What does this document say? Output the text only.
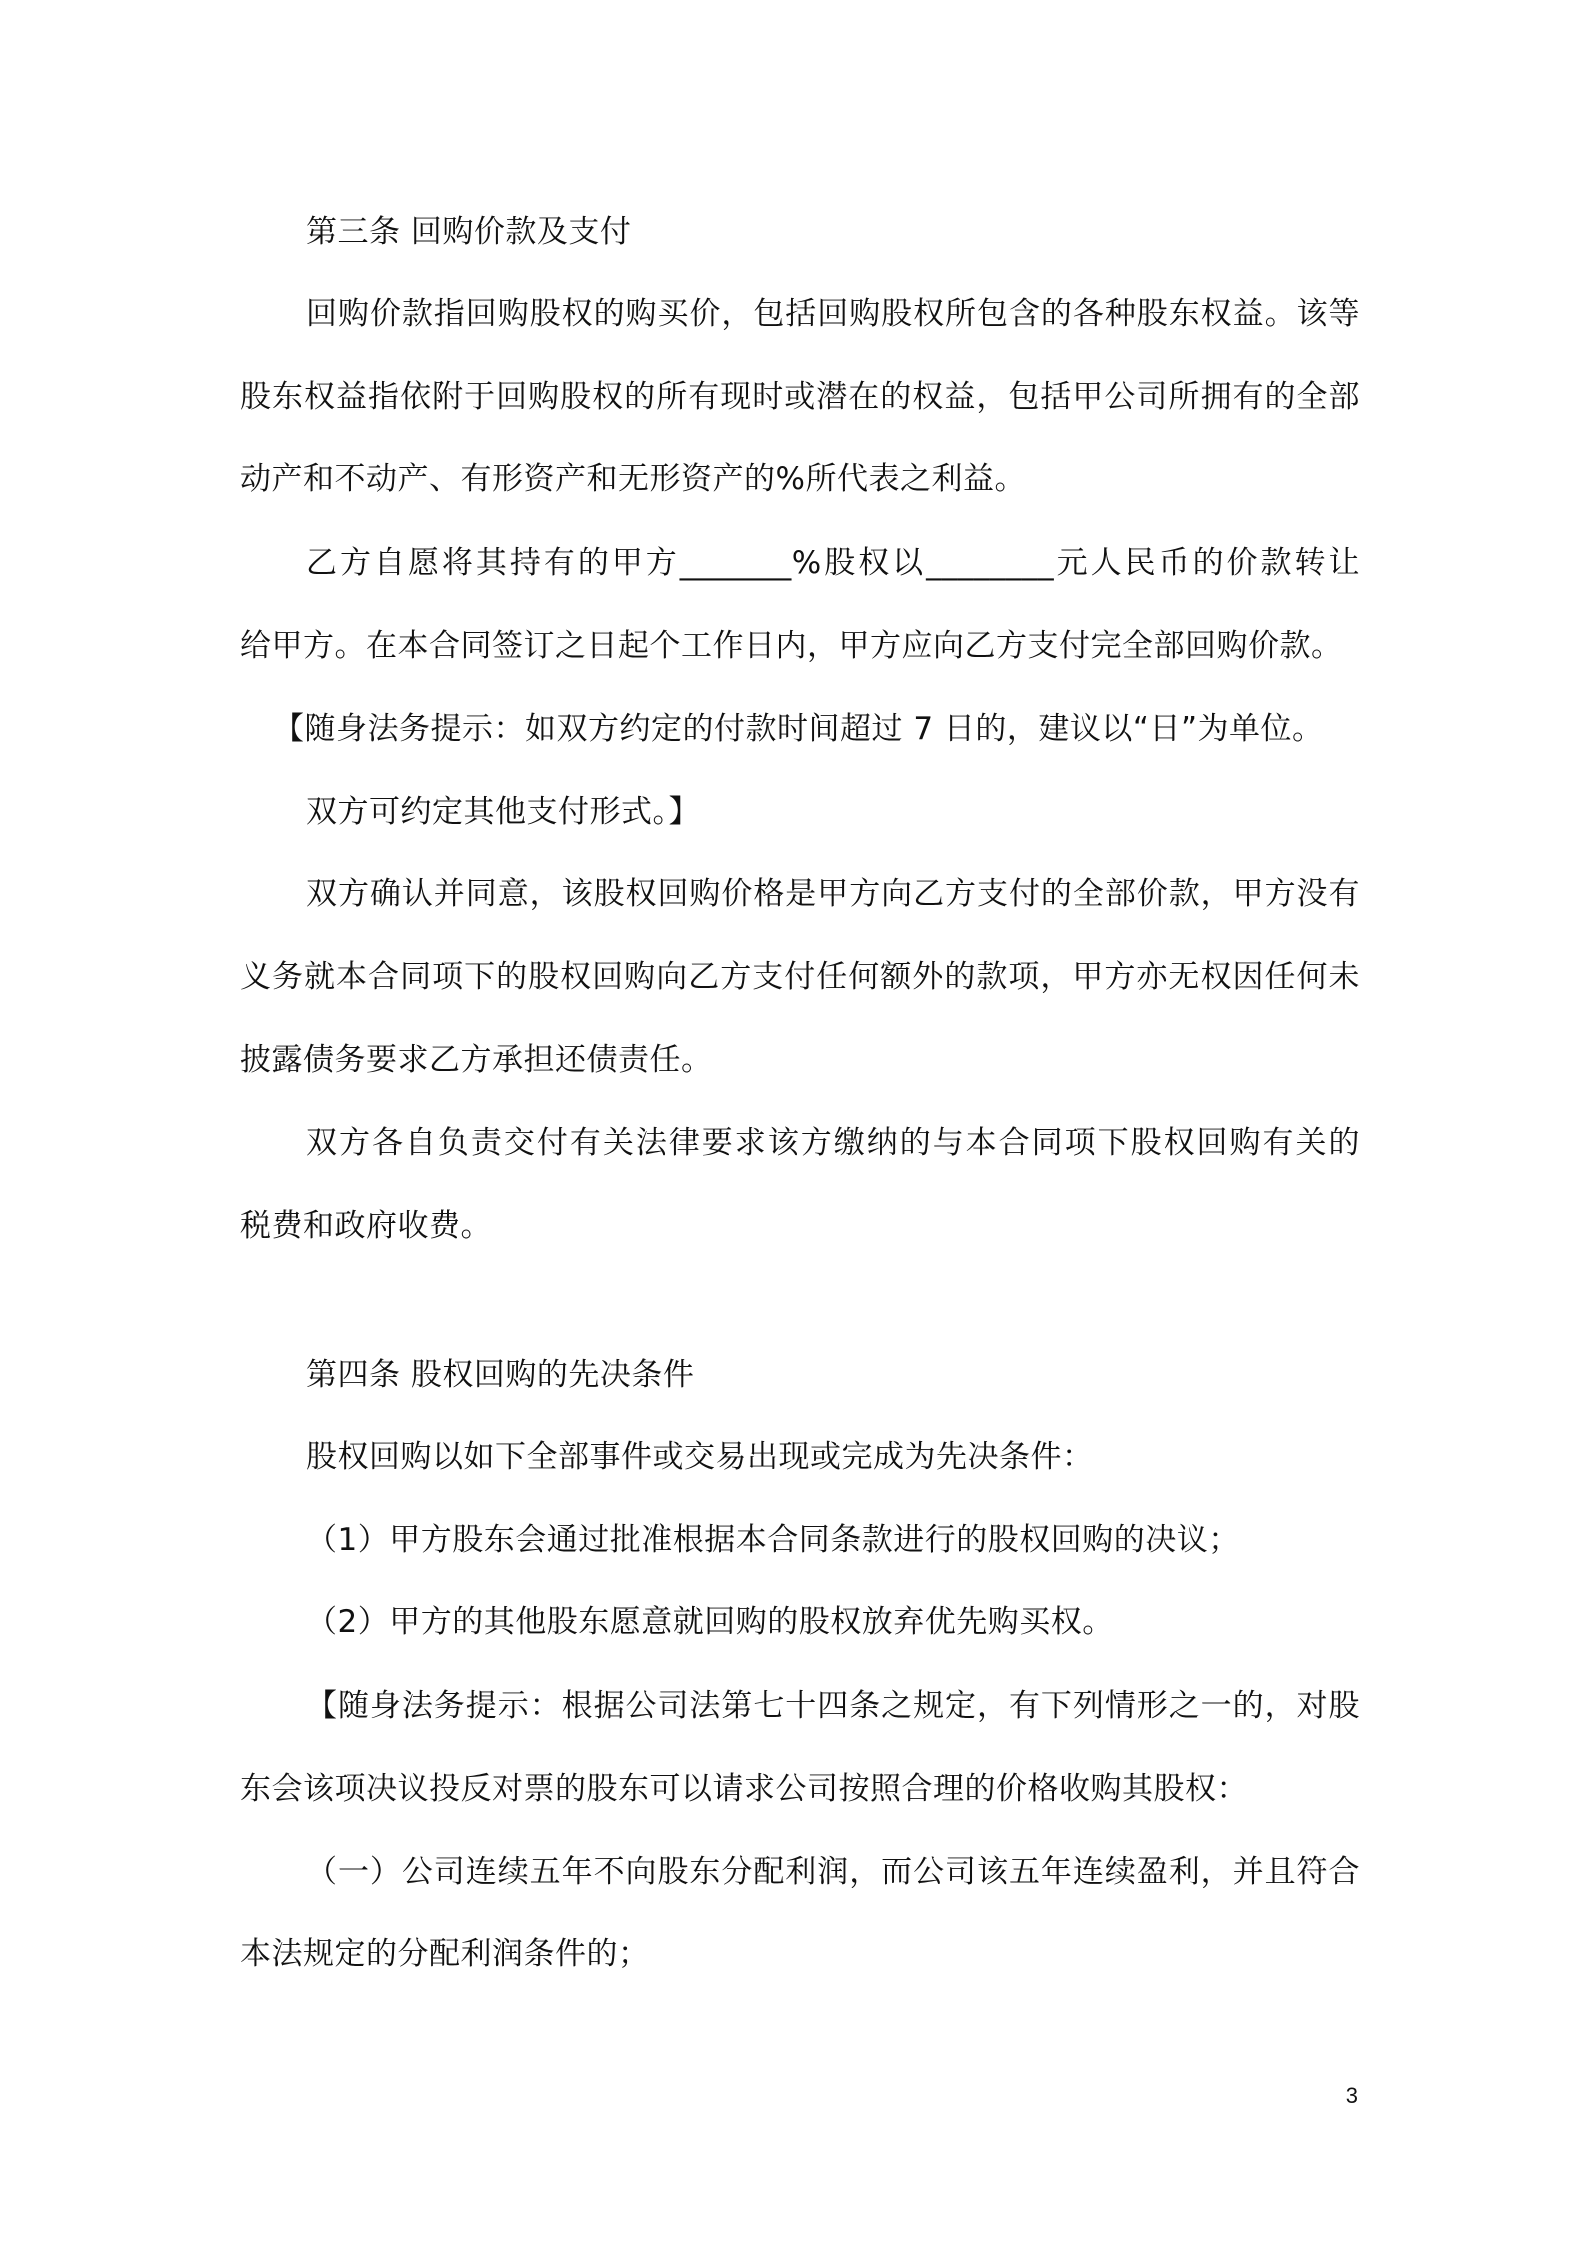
第三条 回购价款及支付
回购价款指回购股权的购买价，包括回购股权所包含的各种股东权益。该等
股东权益指依附于回购股权的所有现时或潜在的权益，包括甲公司所拥有的全部
动产和不动产、有形资产和无形资产的%所代表之利益。
乙方自愿将其持有的甲方_______%股权以________元人民币的价款转让
给甲方。在本合同签订之日起个工作日内，甲方应向乙方支付完全部回购价款。
【随身法务提示：如双方约定的付款时间超过 7 日的，建议以“日”为单位。
双方可约定其他支付形式。】
双方确认并同意，该股权回购价格是甲方向乙方支付的全部价款，甲方没有
义务就本合同项下的股权回购向乙方支付任何额外的款项，甲方亦无权因任何未
披露债务要求乙方承担还债责任。
双方各自负责交付有关法律要求该方缴纳的与本合同项下股权回购有关的
税费和政府收费。
第四条 股权回购的先决条件
股权回购以如下全部事件或交易出现或完成为先决条件：
（1）甲方股东会通过批准根据本合同条款进行的股权回购的决议；
（2）甲方的其他股东愿意就回购的股权放弃优先购买权。
【随身法务提示：根据公司法第七十四条之规定，有下列情形之一的，对股
东会该项决议投反对票的股东可以请求公司按照合理的价格收购其股权：
（一）公司连续五年不向股东分配利润，而公司该五年连续盈利，并且符合
本法规定的分配利润条件的；
3
